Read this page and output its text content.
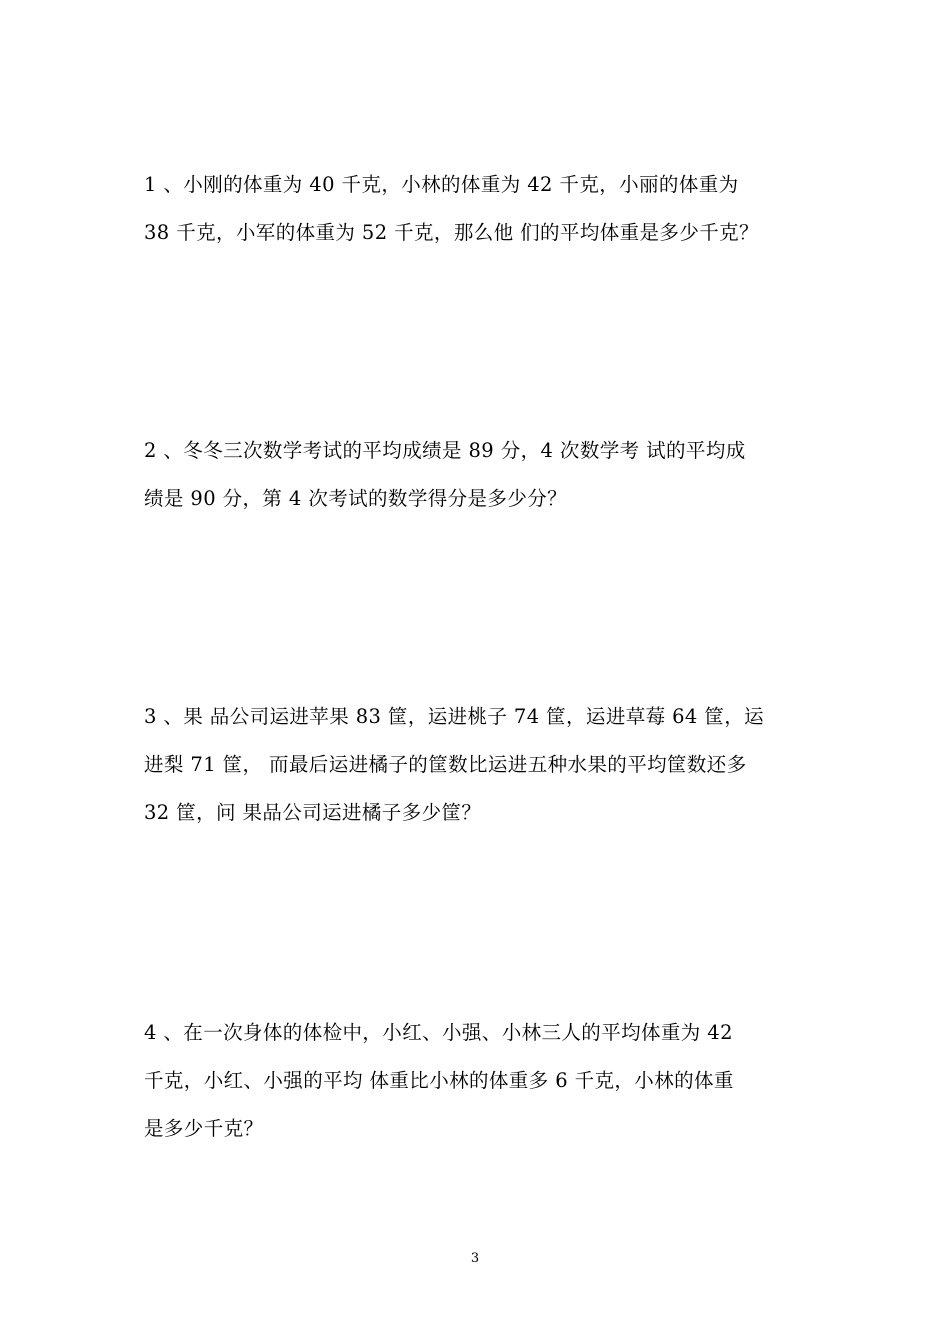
1 、小刚的体重为 40 千克，小林的体重为 42 千克，小丽的体重为
38 千克，小军的体重为 52 千克，那么他 们的平均体重是多少千克？
2 、冬冬三次数学考试的平均成绩是 89 分，4 次数学考 试的平均成
绩是 90 分，第 4 次考试的数学得分是多少分？
3 、果 品公司运进苹果 83 筐，运进桃子 74 筐，运进草莓 64 筐，运
进梨 71 筐， 而最后运进橘子的筐数比运进五种水果的平均筐数还多
32 筐，问 果品公司运进橘子多少筐？
4 、在一次身体的体检中，小红、小强、小林三人的平均体重为 42
千克，小红、小强的平均 体重比小林的体重多 6 千克，小林的体重
是多少千克？
3
